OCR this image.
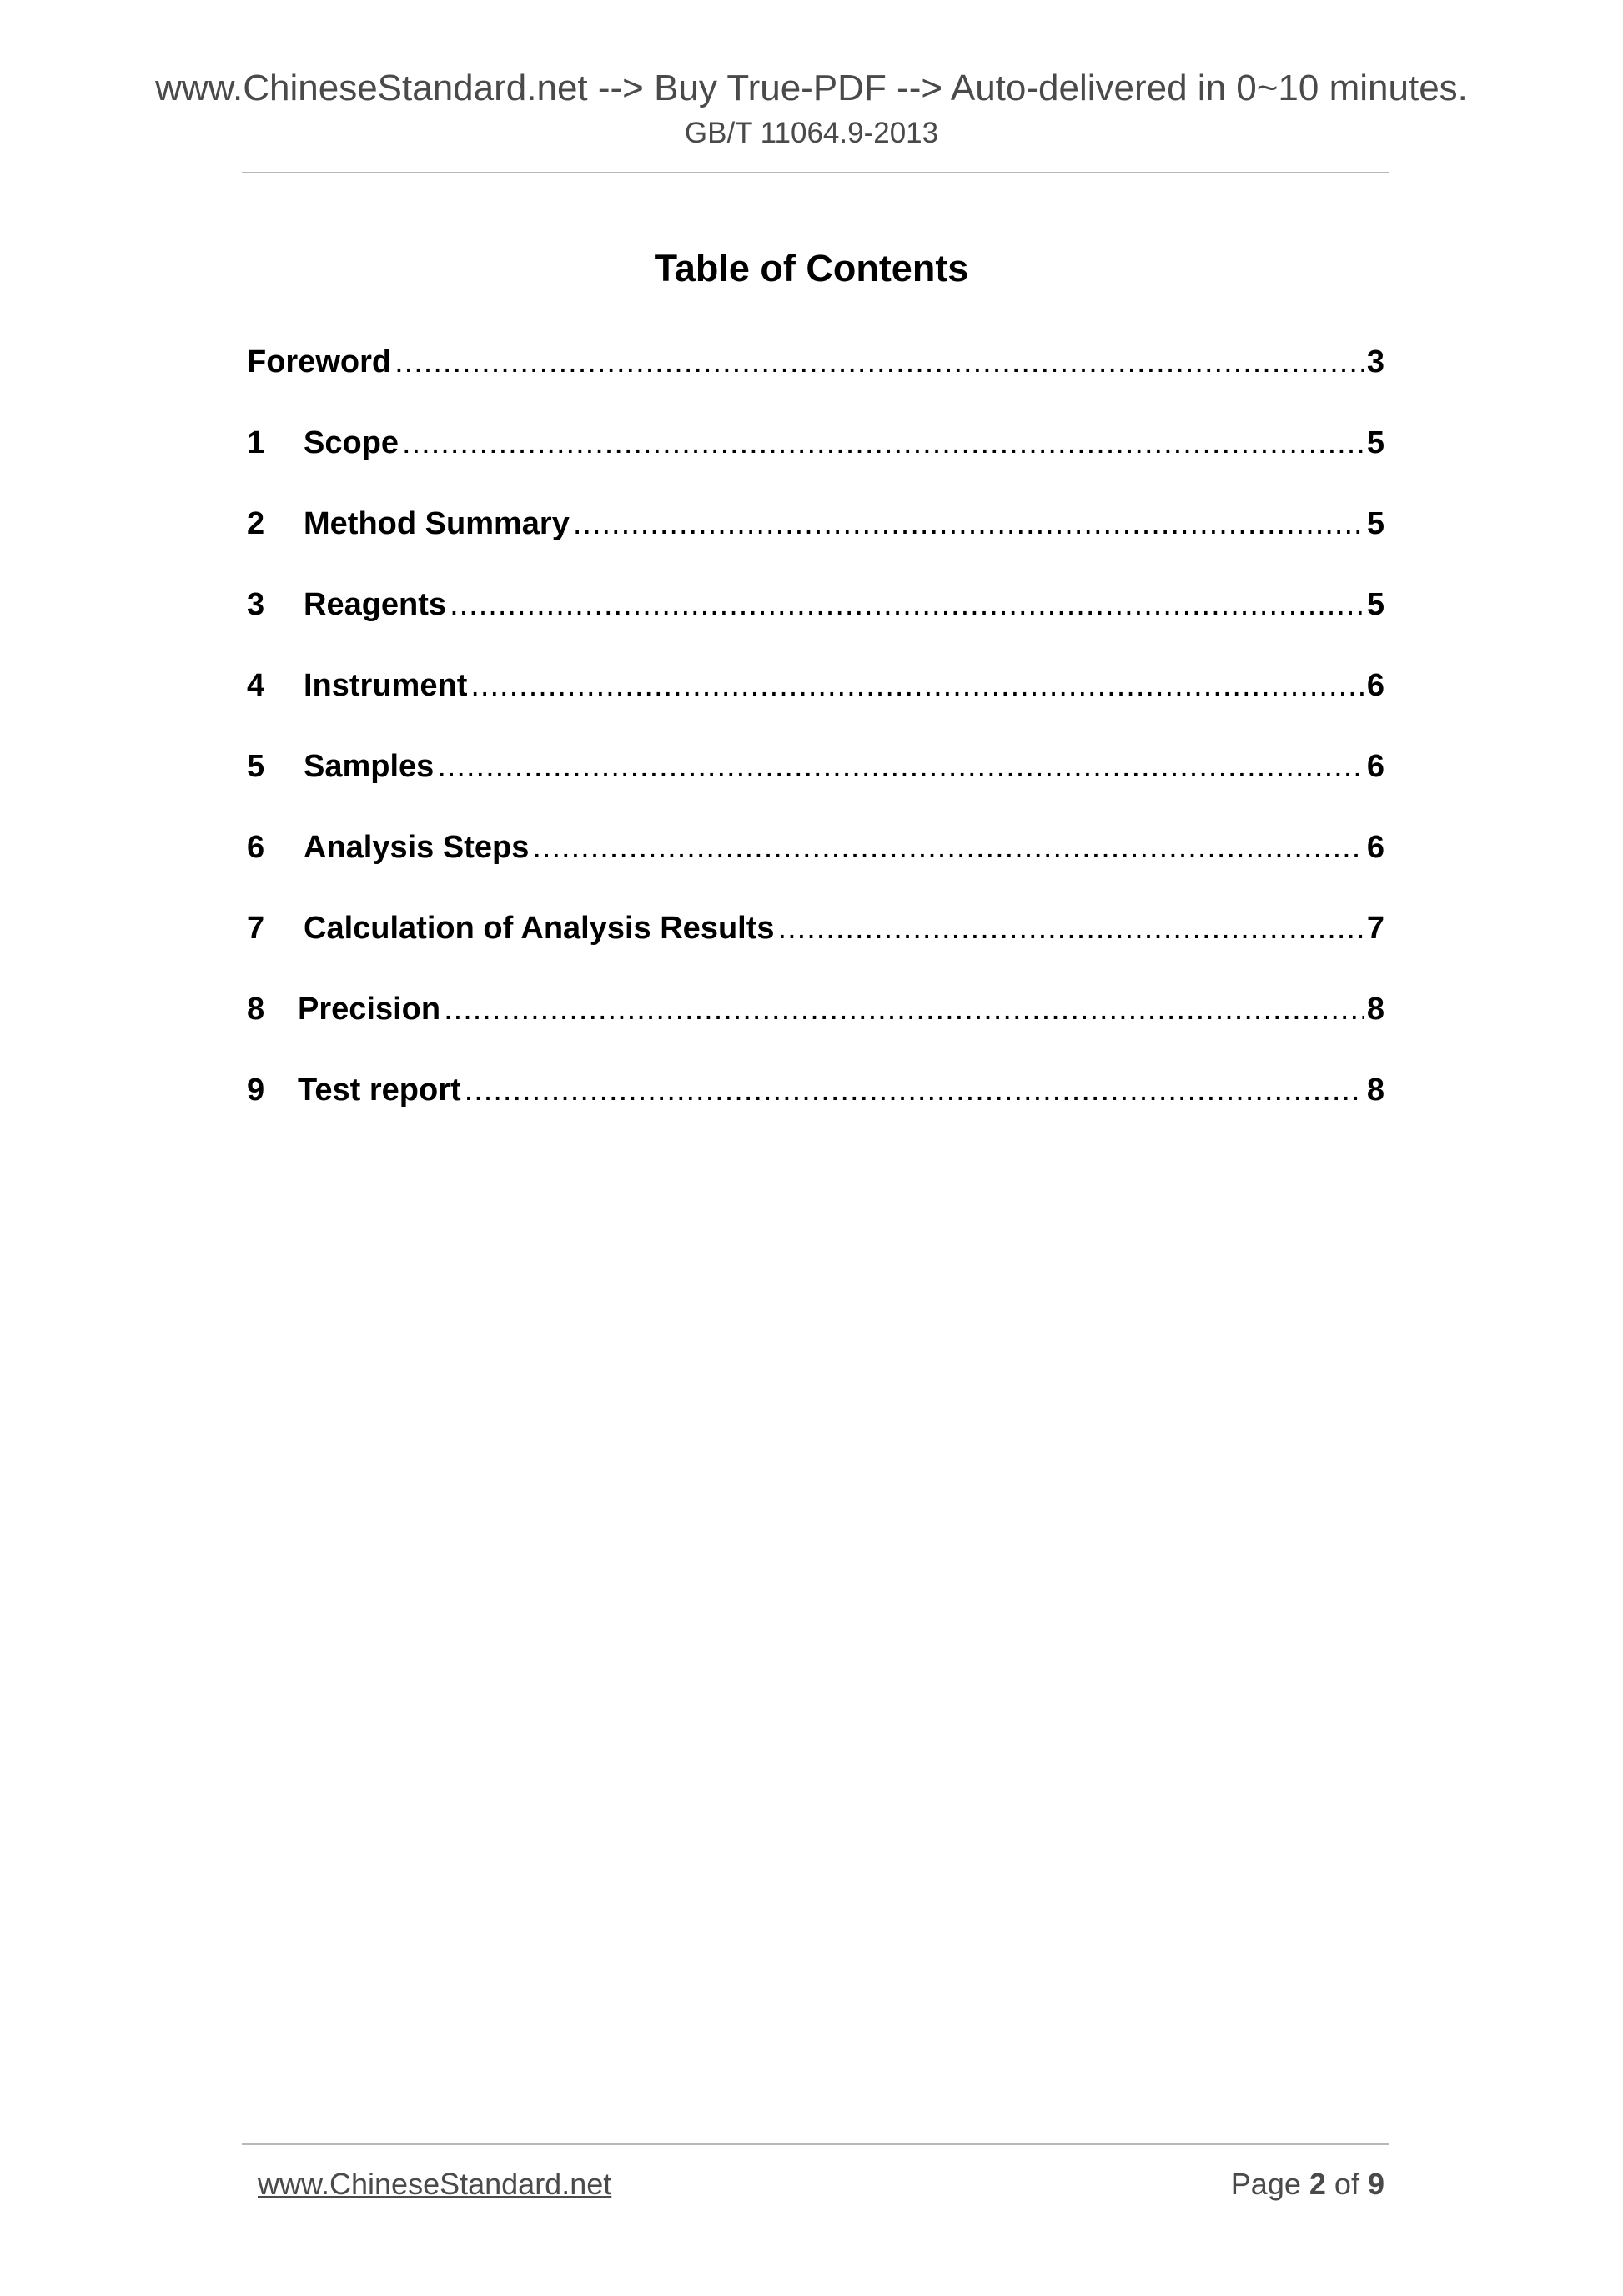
www.ChineseStandard.net --> Buy True-PDF --> Auto-delivered in 0~10 minutes.
GB/T 11064.9-2013
Table of Contents
Foreword .....	3
1	Scope .....	5
2	Method Summary .....	5
3	Reagents .....	5
4	Instrument .....	6
5	Samples .....	6
6	Analysis Steps .....	6
7	Calculation of Analysis Results .....	7
8	Precision .....	8
9	Test report .....	8
www.ChineseStandard.net	Page 2 of 9
